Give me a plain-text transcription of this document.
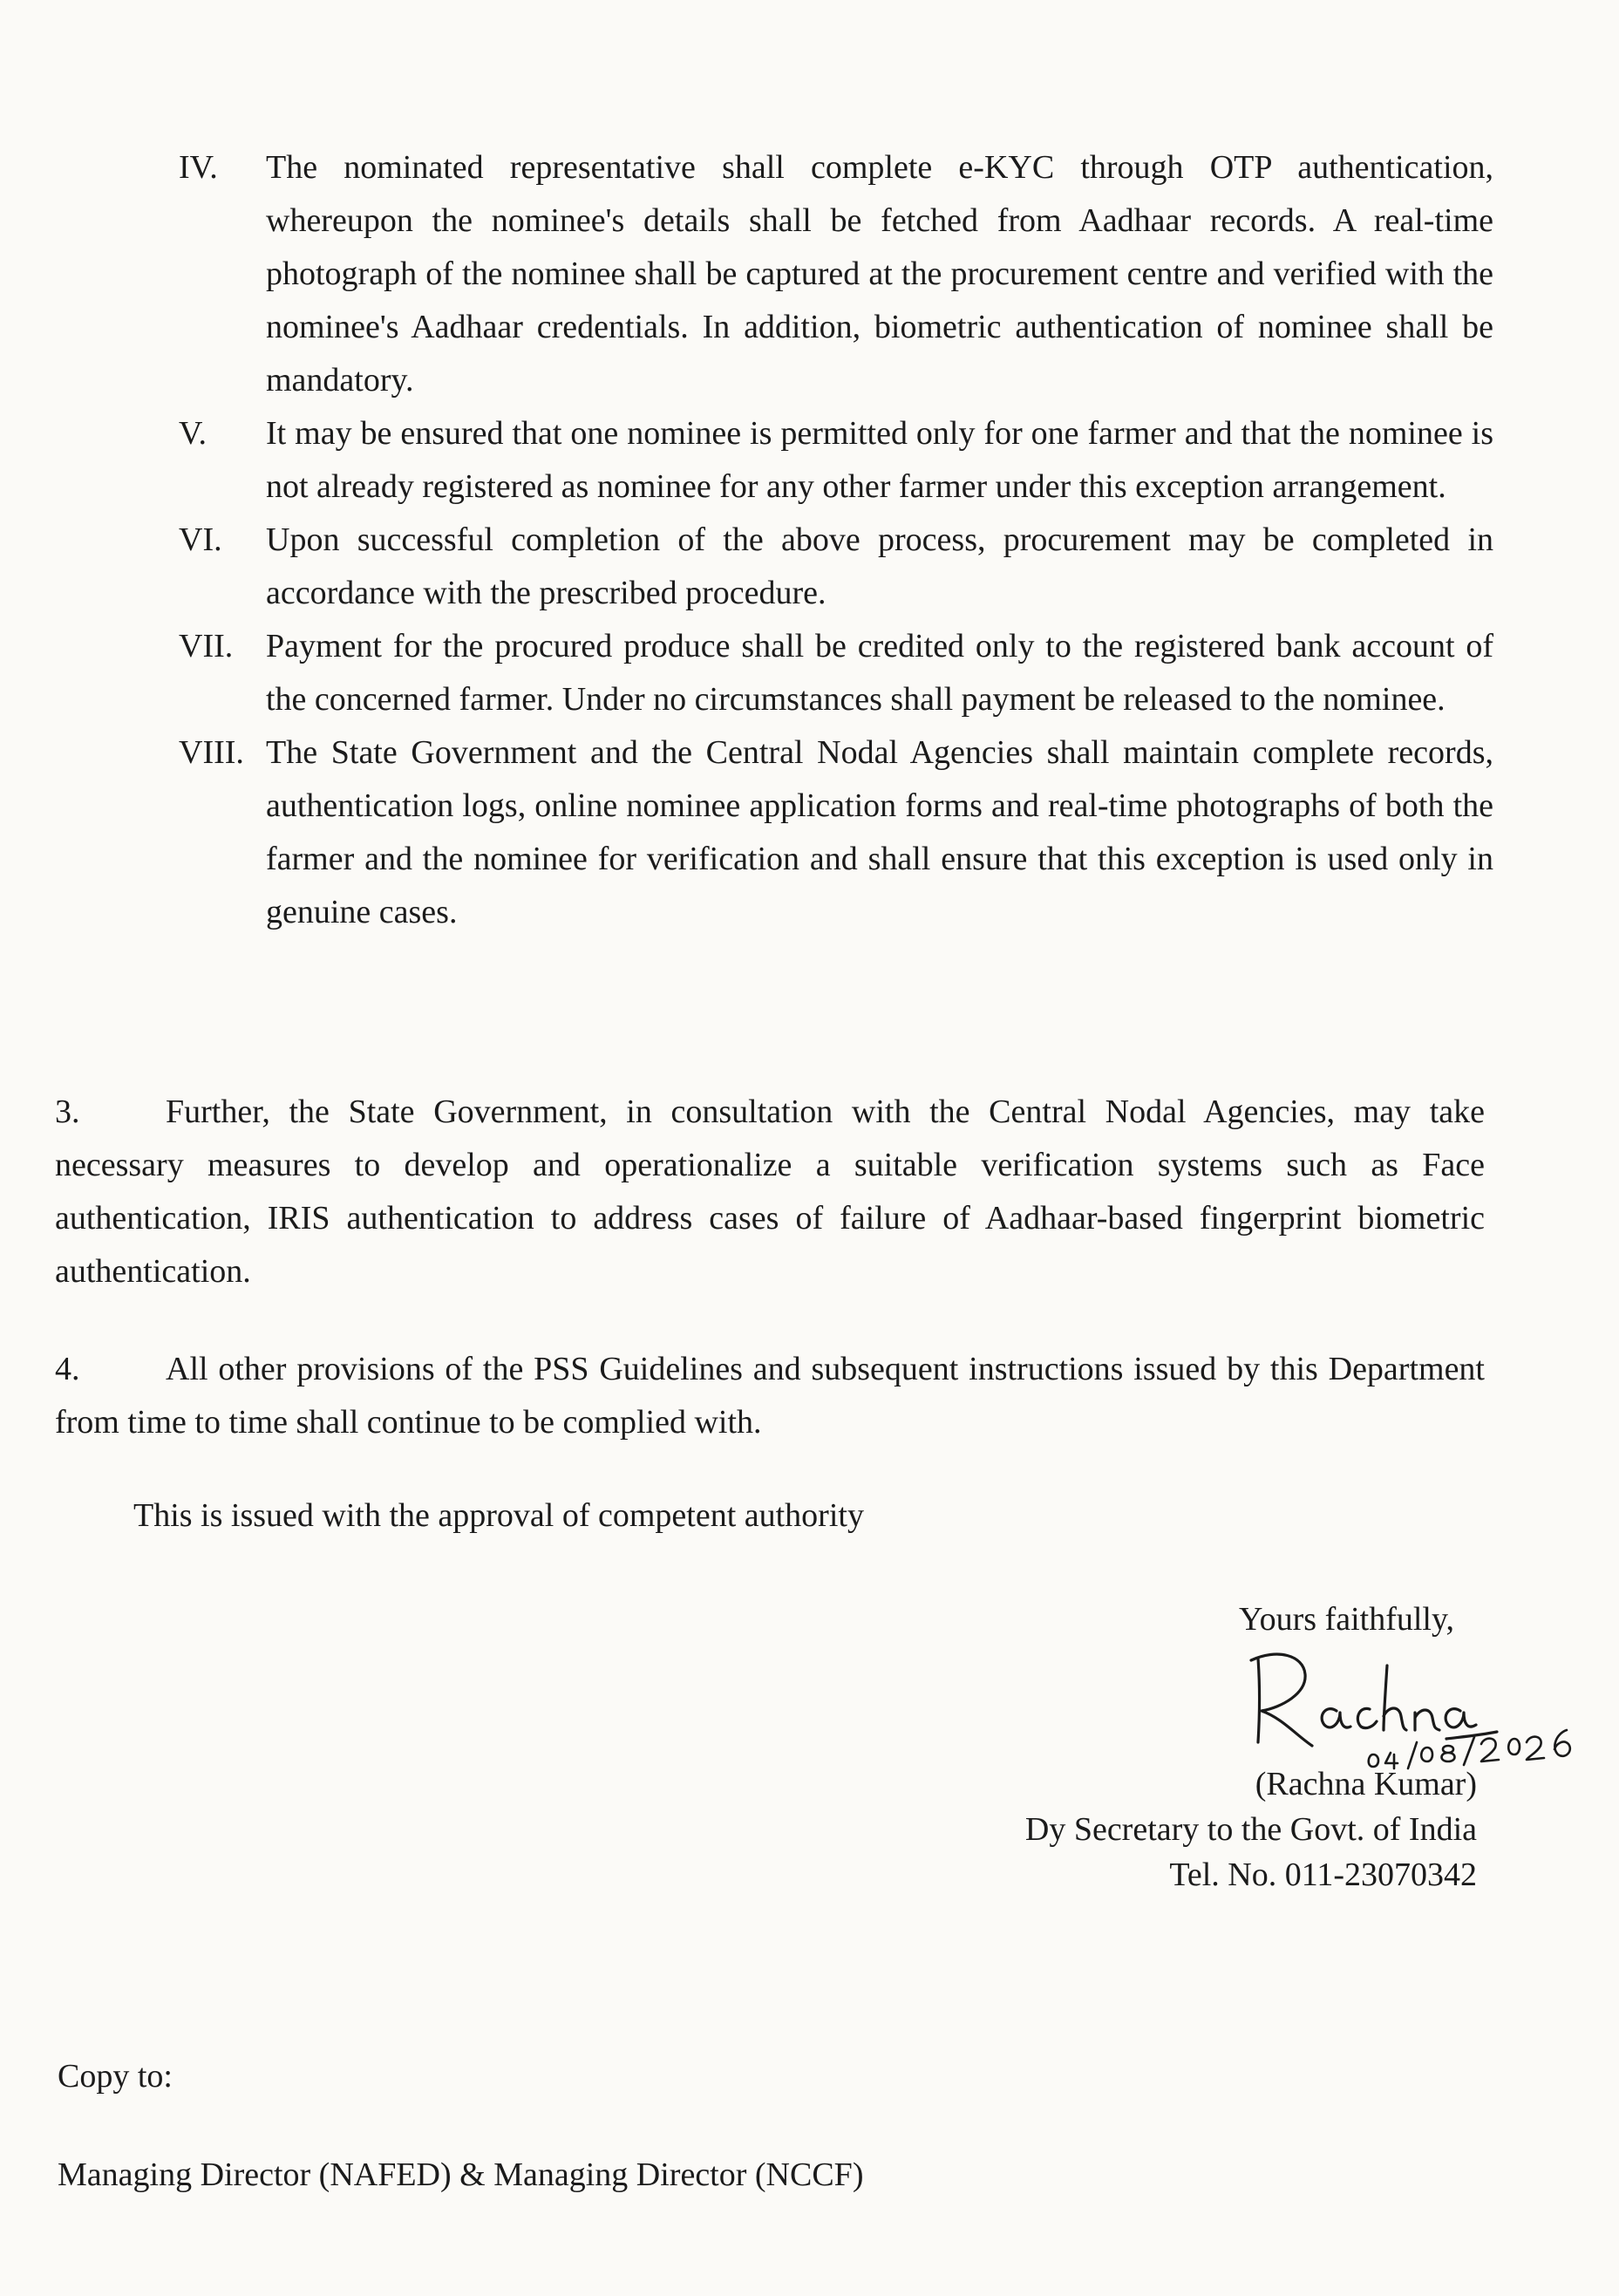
IV. The nominated representative shall complete e-KYC through OTP authentication, whereupon the nominee's details shall be fetched from Aadhaar records. A real-time photograph of the nominee shall be captured at the procurement centre and verified with the nominee's Aadhaar credentials. In addition, biometric authentication of nominee shall be mandatory.
V. It may be ensured that one nominee is permitted only for one farmer and that the nominee is not already registered as nominee for any other farmer under this exception arrangement.
VI. Upon successful completion of the above process, procurement may be completed in accordance with the prescribed procedure.
VII. Payment for the procured produce shall be credited only to the registered bank account of the concerned farmer. Under no circumstances shall payment be released to the nominee.
VIII. The State Government and the Central Nodal Agencies shall maintain complete records, authentication logs, online nominee application forms and real-time photographs of both the farmer and the nominee for verification and shall ensure that this exception is used only in genuine cases.
3.	Further, the State Government, in consultation with the Central Nodal Agencies, may take necessary measures to develop and operationalize a suitable verification systems such as Face authentication, IRIS authentication to address cases of failure of Aadhaar-based fingerprint biometric authentication.
4.	All other provisions of the PSS Guidelines and subsequent instructions issued by this Department from time to time shall continue to be complied with.
This is issued with the approval of competent authority
Yours faithfully,
(Rachna Kumar)
Dy Secretary to the Govt. of India
Tel. No. 011-23070342
Copy to:
Managing Director (NAFED) & Managing Director (NCCF)
